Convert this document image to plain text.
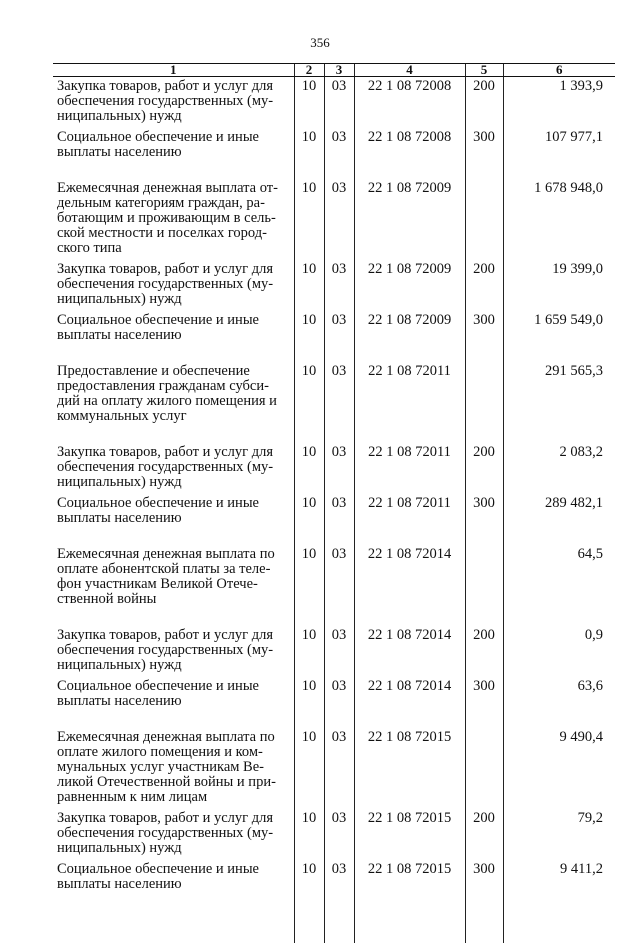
356
1	2	3	4	5	6
Закупка товаров, работ и услуг для обеспечения государственных (му-ниципальных) нужд	10	03	22 1 08 72008	200	1 393,9
Социальное обеспечение и иные выплаты населению	10	03	22 1 08 72008	300	107 977,1
Ежемесячная денежная выплата от-дельным категориям граждан, ра-ботающим и проживающим в сель-ской местности и поселках город-ского типа	10	03	22 1 08 72009		1 678 948,0
Закупка товаров, работ и услуг для обеспечения государственных (му-ниципальных) нужд	10	03	22 1 08 72009	200	19 399,0
Социальное обеспечение и иные выплаты населению	10	03	22 1 08 72009	300	1 659 549,0
Предоставление и обеспечение предоставления гражданам субси-дий на оплату жилого помещения и коммунальных услуг	10	03	22 1 08 72011		291 565,3
Закупка товаров, работ и услуг для обеспечения государственных (му-ниципальных) нужд	10	03	22 1 08 72011	200	2 083,2
Социальное обеспечение и иные выплаты населению	10	03	22 1 08 72011	300	289 482,1
Ежемесячная денежная выплата по оплате абонентской платы за теле-фон участникам Великой Отече-ственной войны	10	03	22 1 08 72014		64,5
Закупка товаров, работ и услуг для обеспечения государственных (му-ниципальных) нужд	10	03	22 1 08 72014	200	0,9
Социальное обеспечение и иные выплаты населению	10	03	22 1 08 72014	300	63,6
Ежемесячная денежная выплата по оплате жилого помещения и ком-мунальных услуг участникам Ве-ликой Отечественной войны и при-равненным к ним лицам	10	03	22 1 08 72015		9 490,4
Закупка товаров, работ и услуг для обеспечения государственных (му-ниципальных) нужд	10	03	22 1 08 72015	200	79,2
Социальное обеспечение и иные выплаты населению	10	03	22 1 08 72015	300	9 411,2
